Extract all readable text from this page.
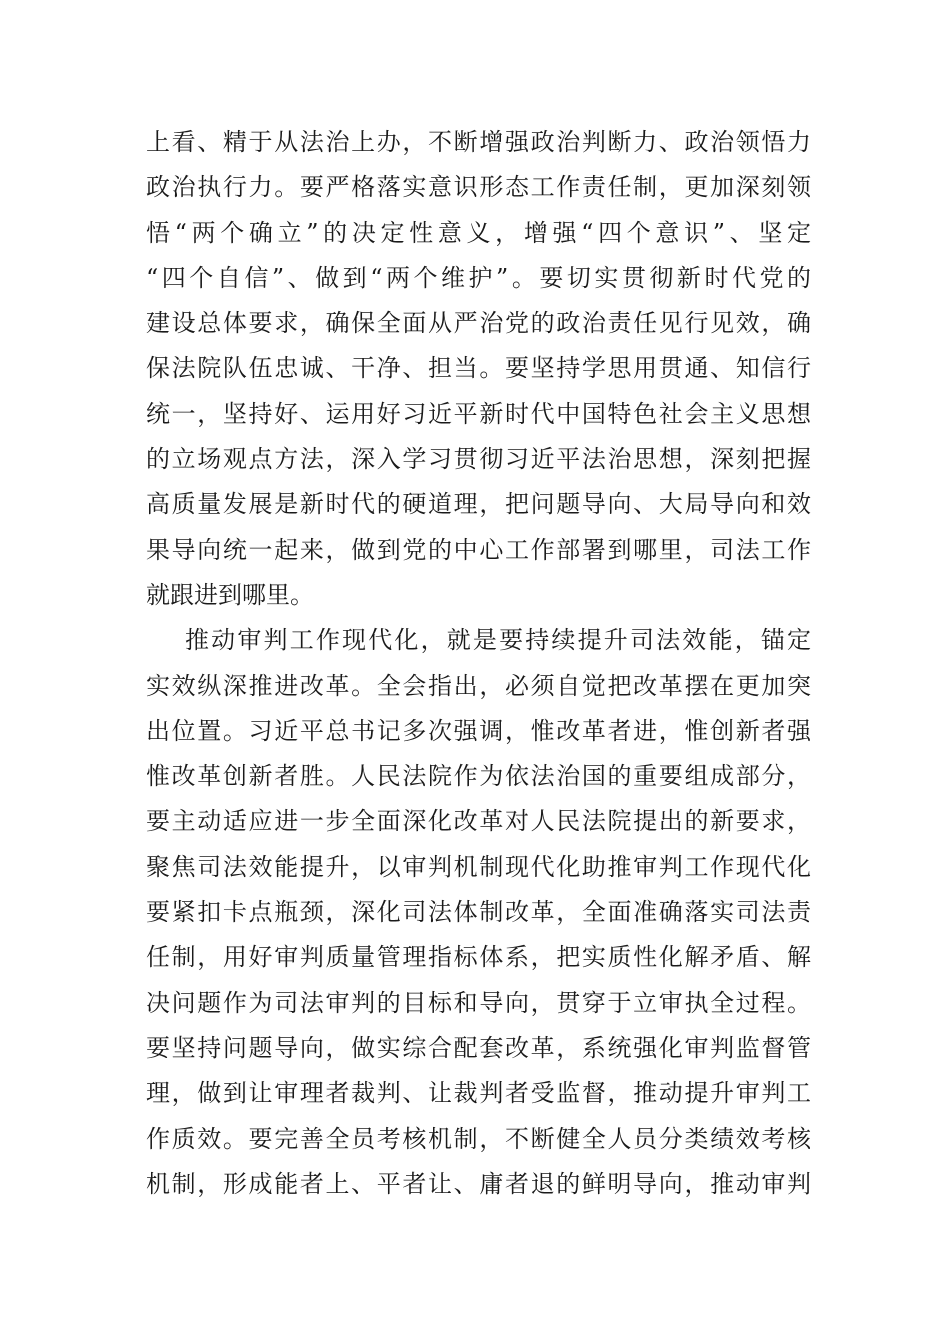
上看、精于从法治上办，不断增强政治判断力、政治领悟力
政治执行力。要严格落实意识形态工作责任制，更加深刻领
悟“两个确立”的决定性意义，增强“四个意识”、坚定
“四个自信”、做到“两个维护”。要切实贯彻新时代党的
建设总体要求，确保全面从严治党的政治责任见行见效，确
保法院队伍忠诚、干净、担当。要坚持学思用贯通、知信行
统一，坚持好、运用好习近平新时代中国特色社会主义思想
的立场观点方法，深入学习贯彻习近平法治思想，深刻把握
高质量发展是新时代的硬道理，把问题导向、大局导向和效
果导向统一起来，做到党的中心工作部署到哪里，司法工作
就跟进到哪里。
推动审判工作现代化，就是要持续提升司法效能，锚定
实效纵深推进改革。全会指出，必须自觉把改革摆在更加突
出位置。习近平总书记多次强调，惟改革者进，惟创新者强
惟改革创新者胜。人民法院作为依法治国的重要组成部分，
要主动适应进一步全面深化改革对人民法院提出的新要求，
聚焦司法效能提升，以审判机制现代化助推审判工作现代化
要紧扣卡点瓶颈，深化司法体制改革，全面准确落实司法责
任制，用好审判质量管理指标体系，把实质性化解矛盾、解
决问题作为司法审判的目标和导向，贯穿于立审执全过程。
要坚持问题导向，做实综合配套改革，系统强化审判监督管
理，做到让审理者裁判、让裁判者受监督，推动提升审判工
作质效。要完善全员考核机制，不断健全人员分类绩效考核
机制，形成能者上、平者让、庸者退的鲜明导向，推动审判
